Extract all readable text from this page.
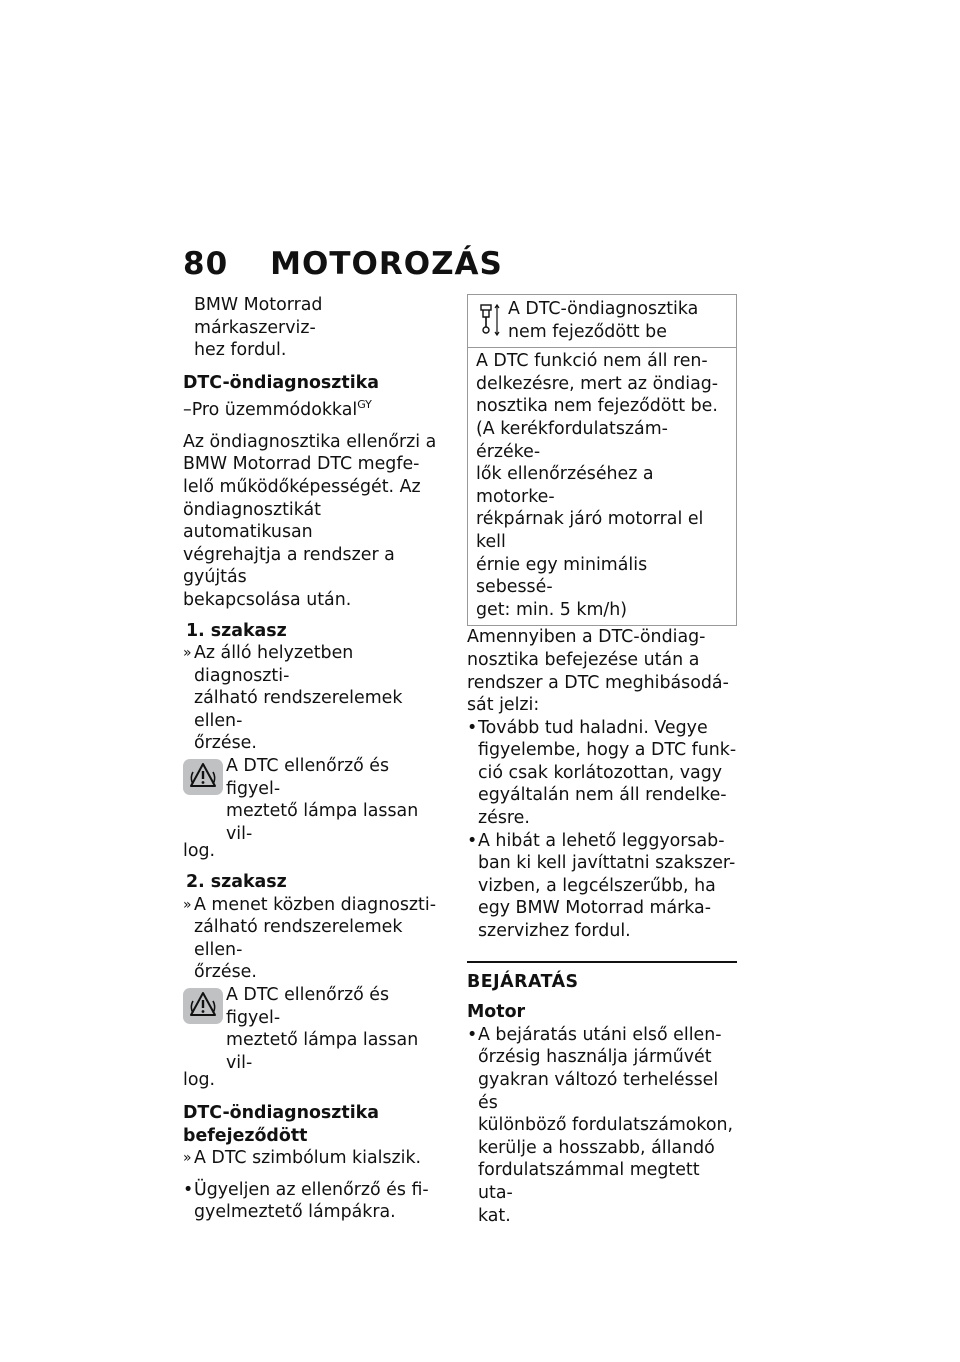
80 MOTOROZÁS

BMW Motorrad márkaszerviz-

hez fordul.

DTC-öndiagnosztika

–Pro üzemmódokkal$^{GY}$

Az öndiagnosztika ellenőrzi a

BMW Motorrad DTC megfe-

lelő működőképességét. Az

öndiagnosztikát automatikusan

végrehajtja a rendszer a gyújtás

bekapcsolása után.

1. szakasz

» Az álló helyzetben diagnoszti-

zálható rendszerelemek ellen-

őrzése.

A DTC ellenőrző és figyel-

meztető lámpa lassan vil-

log.

2. szakasz

» A menet közben diagnoszti-

zálható rendszerelemek ellen-

őrzése.

A DTC ellenőrző és figyel-

meztető lámpa lassan vil-

log.

DTC-öndiagnosztika

befejeződött

» A DTC szimbólum kialszik.

• Ügyeljen az ellenőrző és fi-

gyelmeztető lámpákra.

A DTC-öndiagnosztika

nem fejeződött be

A DTC funkció nem áll ren-

delkezésre, mert az öndiag-

nosztika nem fejeződött be.

(A kerékfordulatszám-érzéke-

lők ellenőrzéséhez a motorke-

rékpárnak járó motorral el kell

érnie egy minimális sebessé-

get: min. 5 km/h)

Amennyiben a DTC-öndiag-

nosztika befejezése után a

rendszer a DTC meghibásodá-

sát jelzi:

• Tovább tud haladni. Vegye

figyelembe, hogy a DTC funk-

ció csak korlátozottan, vagy

egyáltalán nem áll rendelke-

zésre.

• A hibát a lehető leggyorsab-

ban ki kell javíttatni szakszer-

vizben, a legcélszerűbb, ha

egy BMW Motorrad márka-

szervizhez fordul.

BEJÁRATÁS

Motor

• A bejáratás utáni első ellen-

őrzésig használja járművét

gyakran változó terheléssel és

különböző fordulatszámokon,

kerülje a hosszabb, állandó

fordulatszámmal megtett uta-

kat.
